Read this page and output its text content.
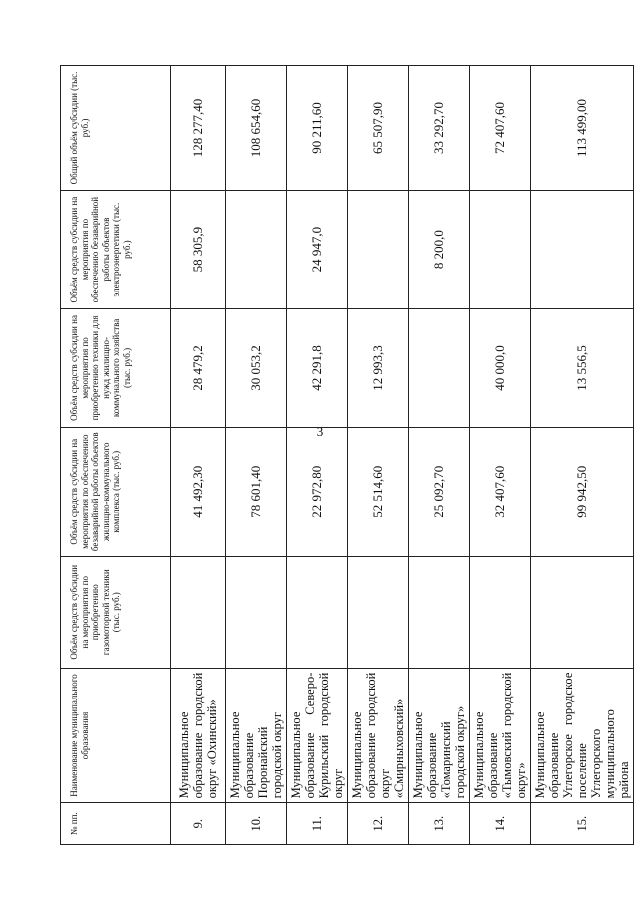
3
№ пп.	Наименование муниципального образования	Объём средств субсидии на мероприятия по приобретению газомоторной техники (тыс. руб.)	Объём средств субсидии на мероприятия по обеспечению безаварийной работы объектов жилищно-коммунального комплекса (тыс. руб.)	Объём средств субсидии на мероприятия по приобретению техники для нужд жилищно-коммунального хозяйства (тыс. руб.)	Объём средств субсидии на мероприятия по обеспечению безаварийной работы объектов электроэнергетики (тыс. руб.)	Общий объём субсидии (тыс. руб.)
9.	Муниципальное образование городской округ «Охинский»		41 492,30	28 479,2	58 305,9	128 277,40
10.	Муниципальное образование Поронайский городской округ		78 601,40	30 053,2		108 654,60
11.	Муниципальное образование Северо-Курильский городской округ		22 972,80	42 291,8	24 947,0	90 211,60
12.	Муниципальное образование городской округ «Смирныховский»		52 514,60	12 993,3		65 507,90
13.	Муниципальное образование «Томаринский городской округ»		25 092,70		8 200,0	33 292,70
14.	Муниципальное образование «Тымовский городской округ»		32 407,60	40 000,0		72 407,60
15.	Муниципальное образование Углегорское городское поселение Углегорского муниципального района		99 942,50	13 556,5		113 499,00
